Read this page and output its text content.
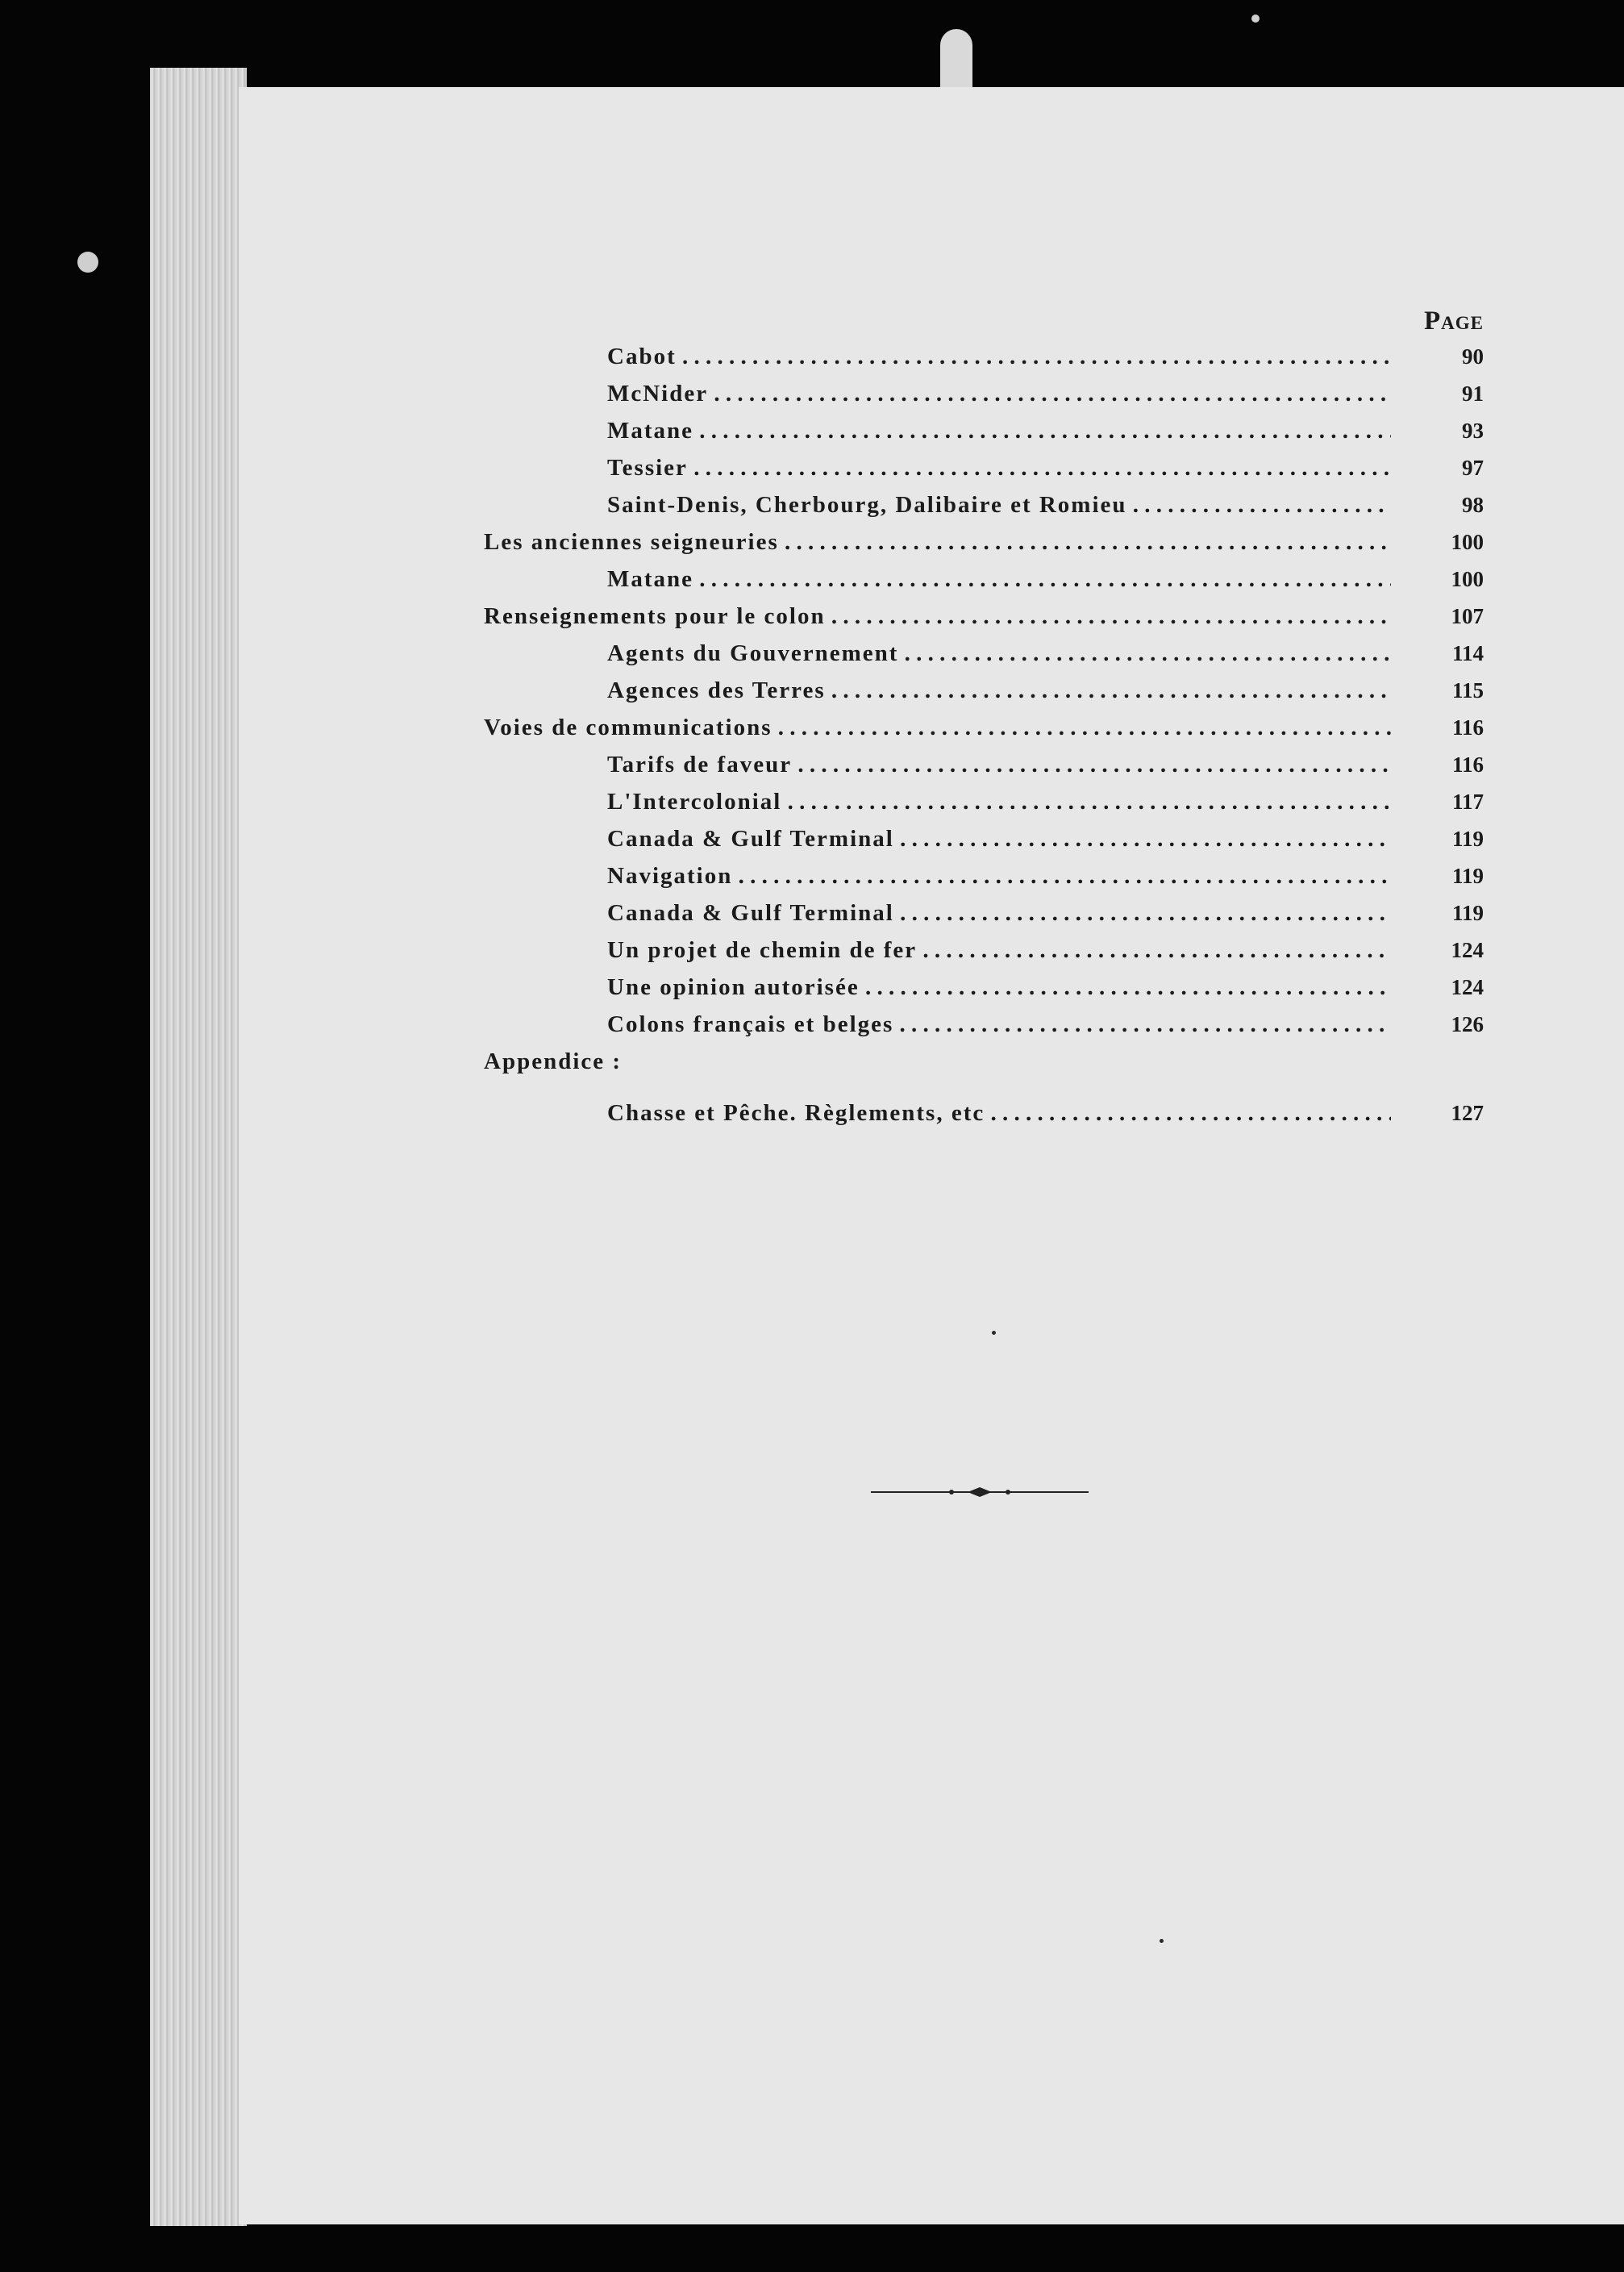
Page
Cabot . .	90
McNider . .	91
Matane . .	93
Tessier . .	97
Saint-Denis, Cherbourg, Dalibaire et Romieu . .	98
Les anciennes seigneuries . .	100
Matane . .	100
Renseignements pour le colon . .	107
Agents du Gouvernement . .	114
Agences des Terres . .	115
Voies de communications . .	116
Tarifs de faveur . .	116
L'Intercolonial . .	117
Canada & Gulf Terminal . .	119
Navigation . .	119
Canada & Gulf Terminal . .	119
Un projet de chemin de fer . .	124
Une opinion autorisée . .	124
Colons français et belges . .	126
Appendice :
Chasse et Pêche. Règlements, etc . .	127
